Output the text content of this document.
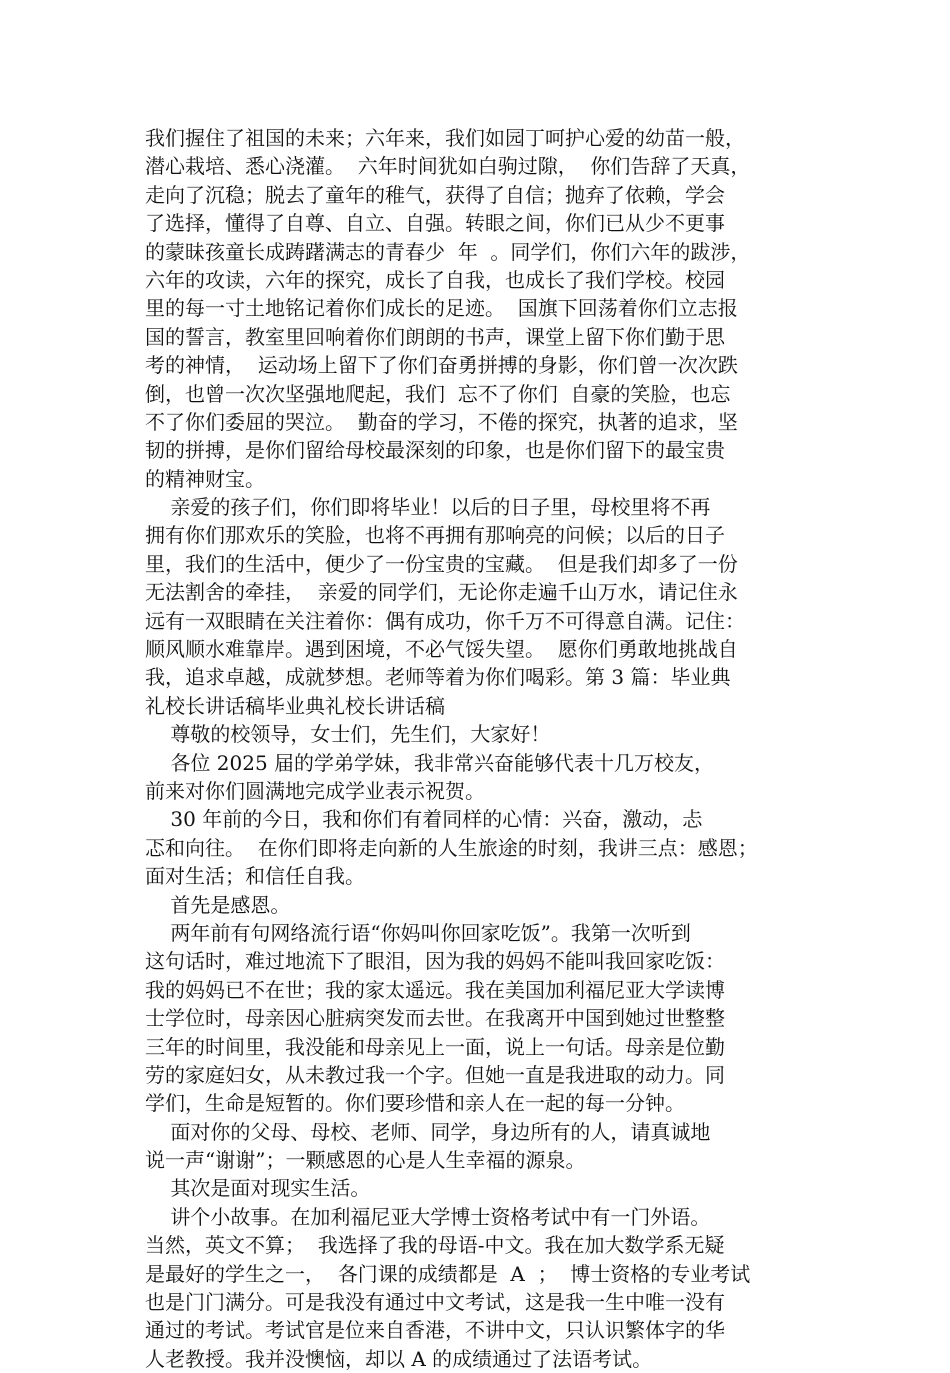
我们握住了祖国的未来；六年来，我们如园丁呵护心爱的幼苗一般，
潜心栽培、悉心浇灌。  六年时间犹如白驹过隙，  你们告辞了天真，
走向了沉稳；脱去了童年的稚气，获得了自信；抛弃了依赖，学会
了选择，懂得了自尊、自立、自强。转眼之间，你们已从少不更事
的蒙昧孩童长成踌躇满志的青春少  年  。同学们，你们六年的跋涉，
六年的攻读，六年的探究，成长了自我，也成长了我们学校。校园
里的每一寸土地铭记着你们成长的足迹。  国旗下回荡着你们立志报
国的誓言，教室里回响着你们朗朗的书声，课堂上留下你们勤于思
考的神情，  运动场上留下了你们奋勇拼搏的身影，你们曾一次次跌
倒，也曾一次次坚强地爬起，我们  忘不了你们  自豪的笑脸，也忘
不了你们委屈的哭泣。  勤奋的学习，不倦的探究，执著的追求，坚
韧的拼搏，是你们留给母校最深刻的印象，也是你们留下的最宝贵
的精神财宝。
亲爱的孩子们，你们即将毕业！以后的日子里，母校里将不再
拥有你们那欢乐的笑脸，也将不再拥有那响亮的问候；以后的日子
里，我们的生活中，便少了一份宝贵的宝藏。  但是我们却多了一份
无法割舍的牵挂，  亲爱的同学们，无论你走遍千山万水，请记住永
远有一双眼睛在关注着你：偶有成功，你千万不可得意自满。记住：
顺风顺水难靠岸。遇到困境，不必气馁失望。  愿你们勇敢地挑战自
我，追求卓越，成就梦想。老师等着为你们喝彩。第 3 篇：毕业典
礼校长讲话稿毕业典礼校长讲话稿
尊敬的校领导，女士们，先生们，大家好！
各位 2025 届的学弟学妹，我非常兴奋能够代表十几万校友，
前来对你们圆满地完成学业表示祝贺。
30 年前的今日，我和你们有着同样的心情：兴奋，激动，忐
忑和向往。  在你们即将走向新的人生旅途的时刻，我讲三点：感恩；
面对生活；和信任自我。
首先是感恩。
两年前有句网络流行语“你妈叫你回家吃饭”。我第一次听到
这句话时，难过地流下了眼泪，因为我的妈妈不能叫我回家吃饭：
我的妈妈已不在世；我的家太遥远。我在美国加利福尼亚大学读博
士学位时，母亲因心脏病突发而去世。在我离开中国到她过世整整
三年的时间里，我没能和母亲见上一面，说上一句话。母亲是位勤
劳的家庭妇女，从未教过我一个字。但她一直是我进取的动力。同
学们，生命是短暂的。你们要珍惜和亲人在一起的每一分钟。
面对你的父母、母校、老师、同学，身边所有的人，请真诚地
说一声“谢谢”；一颗感恩的心是人生幸福的源泉。
其次是面对现实生活。
讲个小故事。在加利福尼亚大学博士资格考试中有一门外语。
当然，英文不算；  我选择了我的母语-中文。我在加大数学系无疑
是最好的学生之一，  各门课的成绩都是  A  ；  博士资格的专业考试
也是门门满分。可是我没有通过中文考试，这是我一生中唯一没有
通过的考试。考试官是位来自香港，不讲中文，只认识繁体字的华
人老教授。我并没懊恼，却以 A 的成绩通过了法语考试。
